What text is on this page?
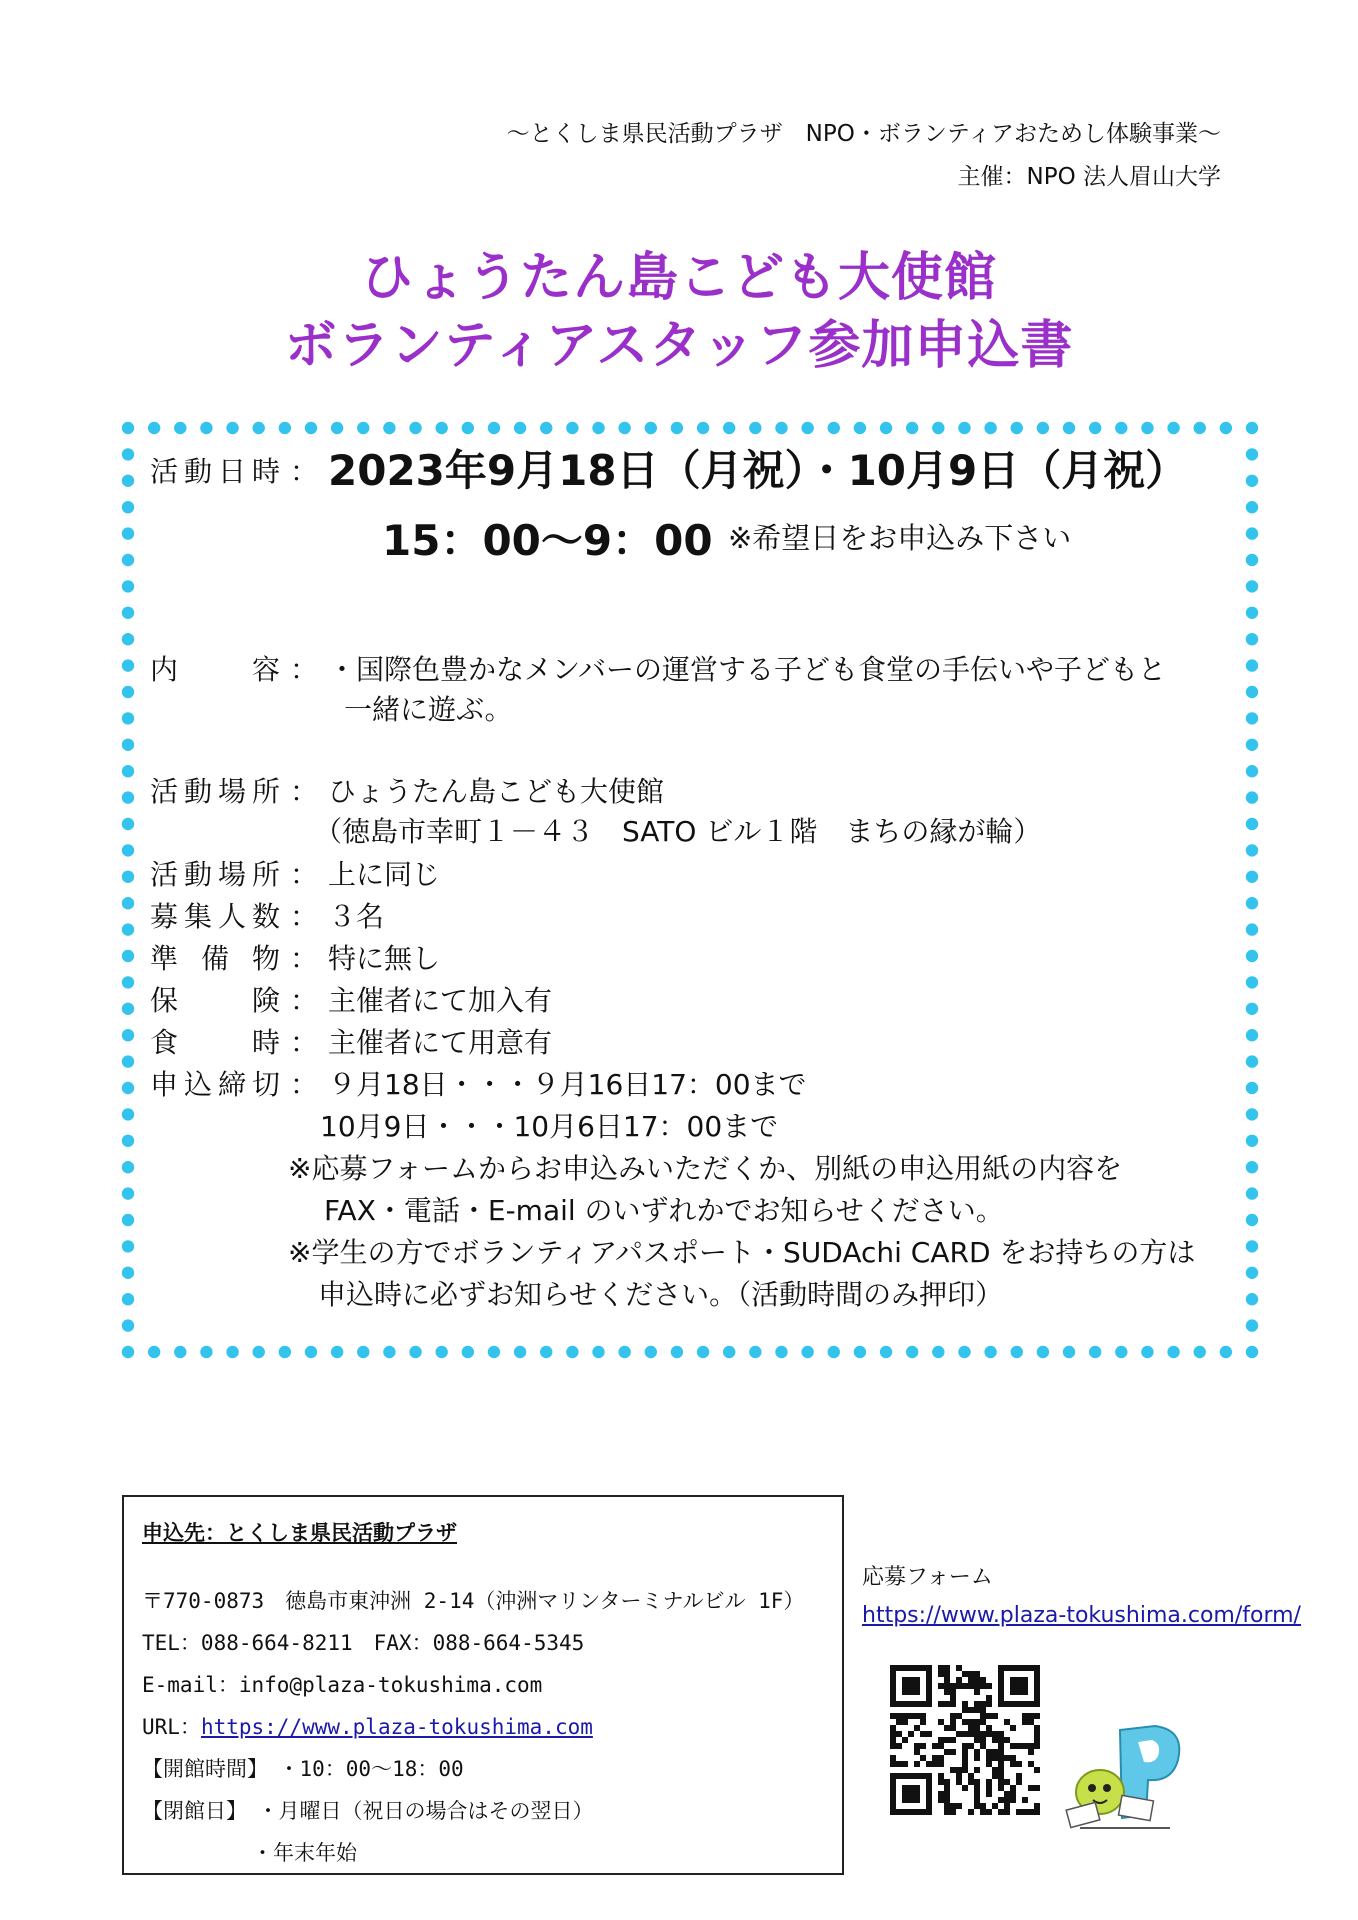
～とくしま県民活動プラザ　NPO・ボランティアおためし体験事業～
主催：NPO 法人眉山大学
ひょうたん島こども大使館
ボランティアスタッフ参加申込書
活動日時 ： 2023年9月18日（月祝）・10月9日（月祝）
15：00～9：00 ※希望日をお申込み下さい
内　容 ： ・国際色豊かなメンバーの運営する子ども食堂の手伝いや子どもと
一緒に遊ぶ。
活動場所 ： ひょうたん島こども大使館
（徳島市幸町１－４３　SATO ビル１階　まちの縁が輪）
活動場所 ： 上に同じ
募集人数 ： ３名
準備物 ： 特に無し
保　険 ： 主催者にて加入有
食　時 ： 主催者にて用意有
申込締切 ： ９月18日・・・９月16日17：00まで
10月9日・・・10月6日17：00まで
※応募フォームからお申込みいただくか、別紙の申込用紙の内容を
FAX・電話・E-mail のいずれかでお知らせください。
※学生の方でボランティアパスポート・SUDAchi CARD をお持ちの方は
申込時に必ずお知らせください。（活動時間のみ押印）
申込先：とくしま県民活動プラザ
〒770-0873　徳島市東沖洲 2-14（沖洲マリンターミナルビル 1F）
TEL：088-664-8211　FAX：088-664-5345
E-mail：info@plaza-tokushima.com
URL：https://www.plaza-tokushima.com
【開館時間】　・10：00～18：00
【閉館日】　・月曜日（祝日の場合はその翌日）
・年末年始
応募フォーム
https://www.plaza-tokushima.com/form/
